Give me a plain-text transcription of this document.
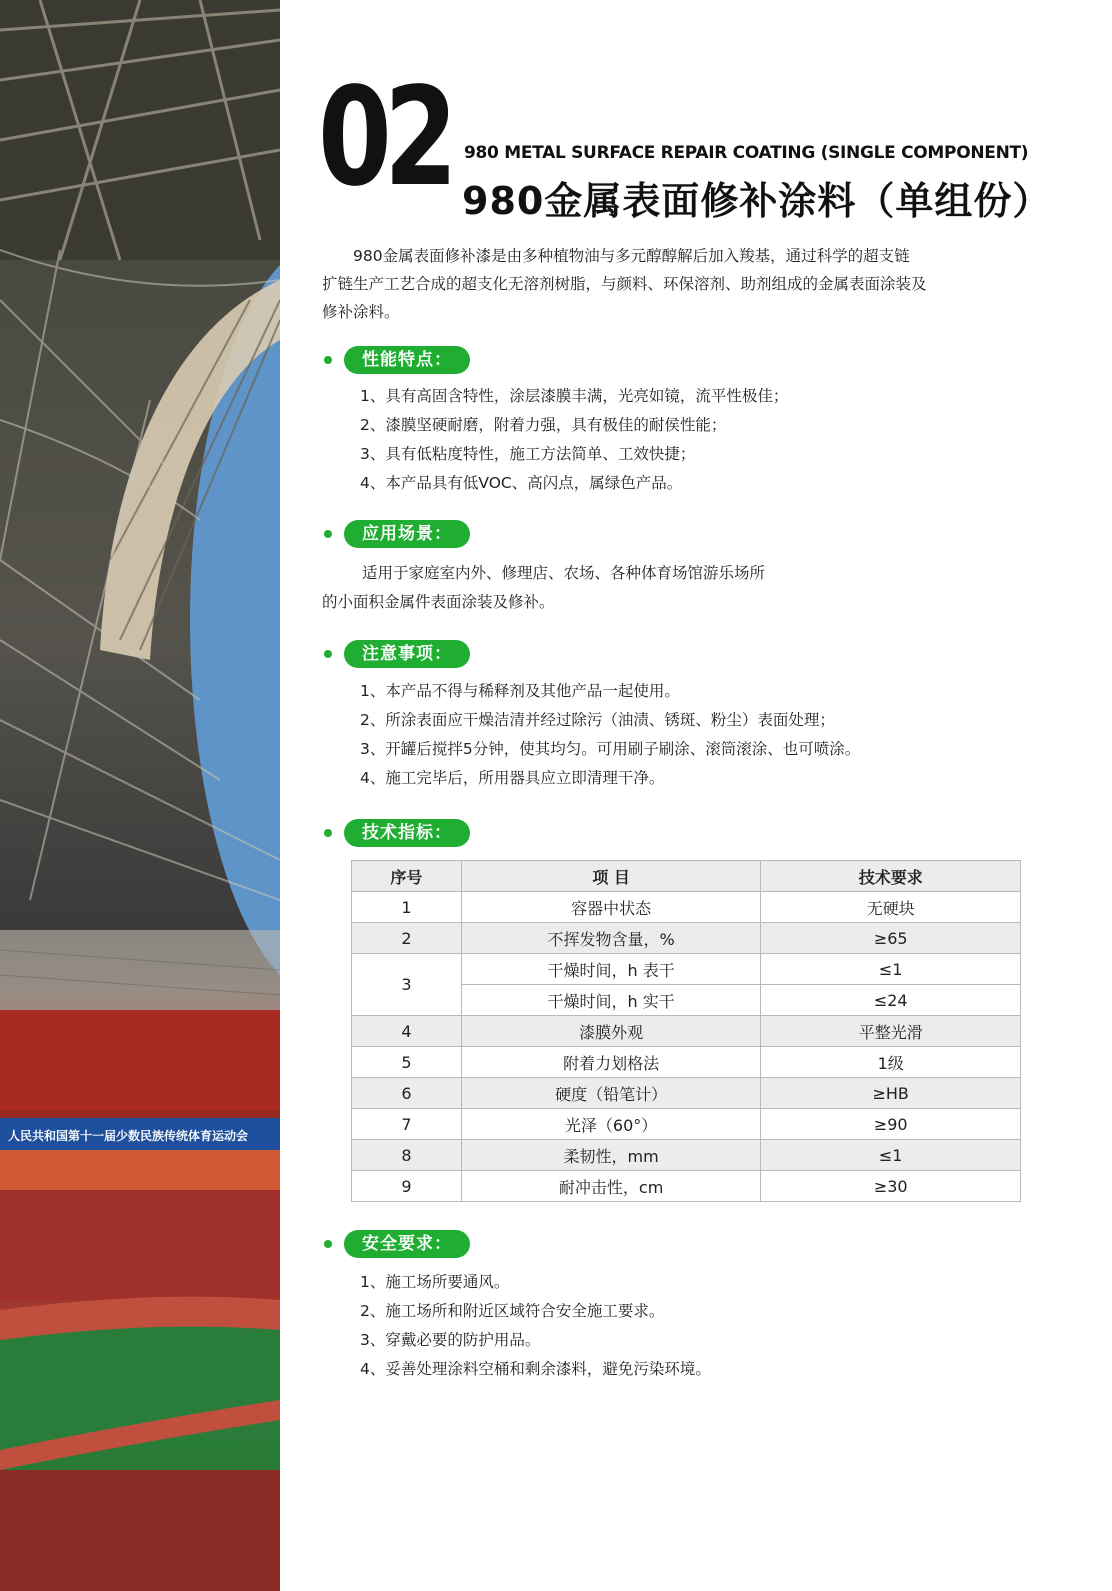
人民共和国第十一届少数民族传统体育运动会
02 980 METAL SURFACE REPAIR COATING (SINGLE COMPONENT)
980金属表面修补涂料（单组份）
980金属表面修补漆是由多种植物油与多元醇醇解后加入羧基，通过科学的超支链
扩链生产工艺合成的超支化无溶剂树脂，与颜料、环保溶剂、助剂组成的金属表面涂装及
修补涂料。
性能特点：
1、具有高固含特性，涂层漆膜丰满，光亮如镜，流平性极佳；
2、漆膜坚硬耐磨，附着力强，具有极佳的耐侯性能；
3、具有低粘度特性，施工方法简单、工效快捷；
4、本产品具有低VOC、高闪点，属绿色产品。
应用场景：
适用于家庭室内外、修理店、农场、各种体育场馆游乐场所
的小面积金属件表面涂装及修补。
注意事项：
1、本产品不得与稀释剂及其他产品一起使用。
2、所涂表面应干燥洁清并经过除污（油渍、锈斑、粉尘）表面处理；
3、开罐后搅拌5分钟，使其均匀。可用刷子刷涂、滚筒滚涂、也可喷涂。
4、施工完毕后，所用器具应立即清理干净。
技术指标：
序号	项 目	技术要求
1	容器中状态	无硬块
2	不挥发物含量，%	≥65
3	干燥时间，h 表干	≤1
	干燥时间，h 实干	≤24
4	漆膜外观	平整光滑
5	附着力划格法	1级
6	硬度（铅笔计）	≥HB
7	光泽（60°）	≥90
8	柔韧性，mm	≤1
9	耐冲击性，cm	≥30
安全要求：
1、施工场所要通风。
2、施工场所和附近区域符合安全施工要求。
3、穿戴必要的防护用品。
4、妥善处理涂料空桶和剩余漆料，避免污染环境。
